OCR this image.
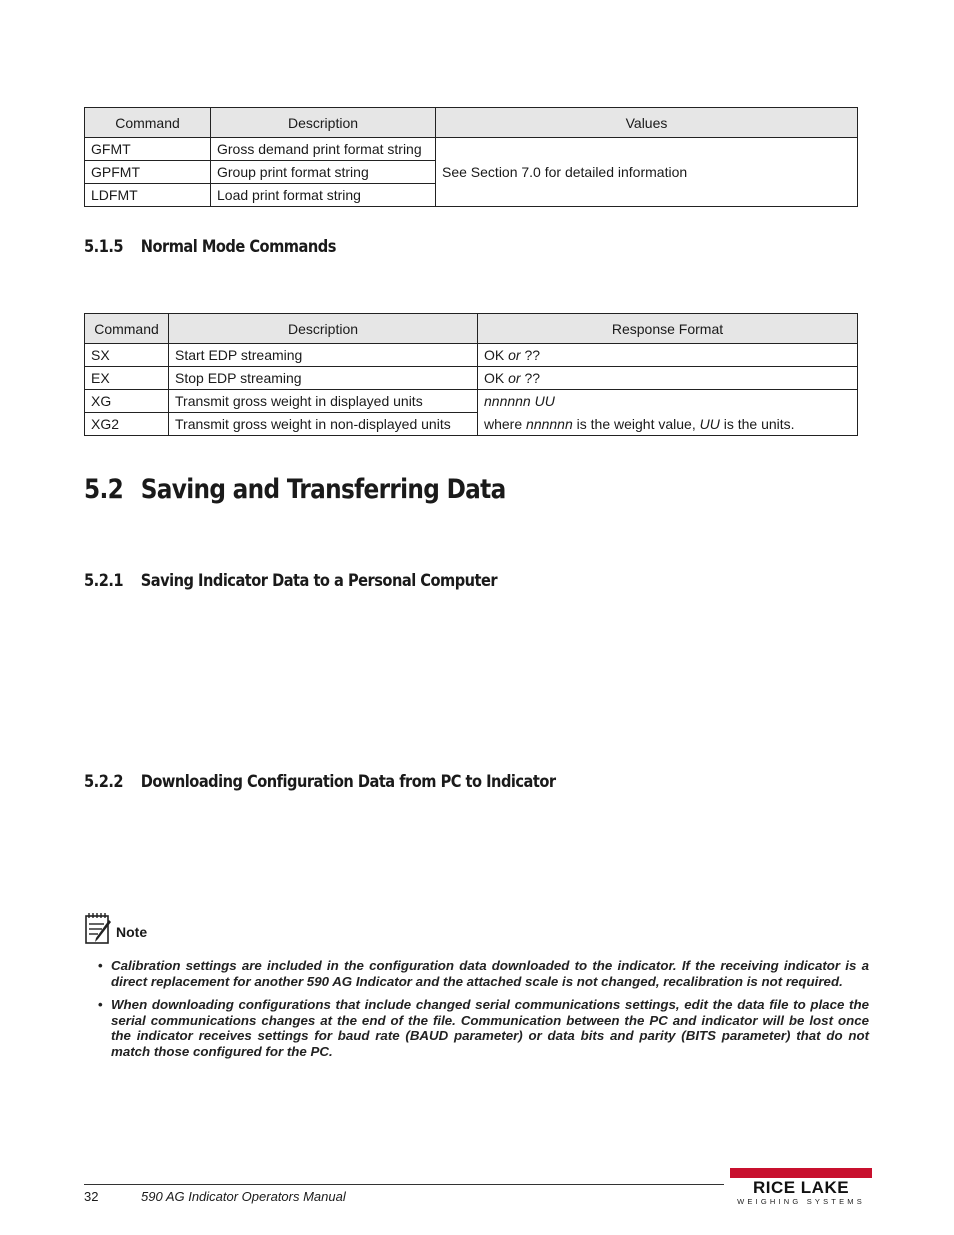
Command	Description	Values
GFMT	Gross demand print format string	See Section 7.0 for detailed information
GPFMT	Group print format string	
LDFMT	Load print format string	
5.1.5 Normal Mode Commands
Command	Description	Response Format
SX	Start EDP streaming	OK or ??
EX	Stop EDP streaming	OK or ??
XG	Transmit gross weight in displayed units	nnnnnn UU
XG2	Transmit gross weight in non-displayed units	where nnnnnn is the weight value, UU is the units.
5.2 Saving and Transferring Data
5.2.1 Saving Indicator Data to a Personal Computer
5.2.2 Downloading Configuration Data from PC to Indicator
Note
• Calibration settings are included in the configuration data downloaded to the indicator. If the receiving indicator is a direct replacement for another 590 AG Indicator and the attached scale is not changed, recalibration is not required.
• When downloading configurations that include changed serial communications settings, edit the data file to place the serial communications changes at the end of the file. Communication between the PC and indicator will be lost once the indicator receives settings for baud rate (BAUD parameter) or data bits and parity (BITS parameter) that do not match those configured for the PC.
32	590 AG Indicator Operators Manual	RICE LAKE
WEIGHING SYSTEMS
